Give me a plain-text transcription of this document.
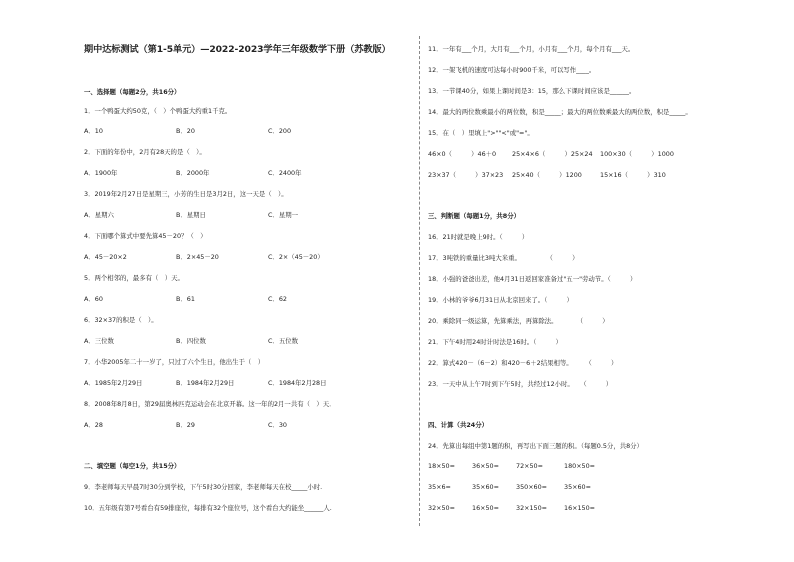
期中达标测试（第1-5单元）—2022-2023学年三年级数学下册（苏教版）
一、选择题（每题2分，共16分）
1．一个鸭蛋大约50克，（　）个鸭蛋大约重1千克。
A．10	B．20	C．200
2．下面的年份中，2月有28天的是（　）。
A．1900年	B．2000年	C．2400年
3．2019年2月27日是星期三，小芳的生日是3月2日，这一天是（　）。
A．星期六	B．星期日	C．星期一
4．下面哪个算式中要先算45－20？（　）
A．45－20×2	B．2×45－20	C．2×（45－20）
5．两个相邻的，最多有（　）天。
A．60	B．61	C．62
6．32×37的积是（　）。
A．三位数	B．四位数	C．五位数
7．小华2005年二十一岁了，只过了六个生日，他出生于（　）
A．1985年2月29日	B．1984年2月29日	C．1984年2月28日
8．2008年8月8日，第29届奥林匹克运动会在北京开幕。这一年的2月一共有（　）天．
A．28	B．29	C．30
二、填空题（每空1分，共15分）
9．李老师每天早晨7时30分到学校，下午5时30分回家，李老师每天在校_____小时.
10．五年级有第7号看台有59排座位，每排有32个座位号，这个看台大约能坐______人.
11．一年有___个月，大月有___个月，小月有___个月，每个月有___天。
12．一架飞机的速度可达每小时900千米，可以写作____。
13．一节课40分，如果上课时间是3：15，那么下课时间应该是______。
14．最大的两位数乘最小的两位数，积是_____；最大的两位数乘最大的两位数，积是_____。
15．在（　）里填上">""<"或"="。
46×0（　　　）46＋0 25×4×6（　　　）25×24 100×30（　　　）1000
23×37（　　　）37×23 25×40（　　　）1200	15×16（　　　）310
三、判断题（每题1分，共8分）
16．21时就是晚上9时。（　　　）
17．3吨铁的重量比3吨大米重。　　　　　（　　　）
18．小强的爸爸出差，他4月31日返回家准备过"五一"劳动节。（　　　）
19．小林的爷爷6月31日从北京回来了。（　　　）
20．乘除同一级运算，先算乘法，再算除法。　　　　（　　　）
21．下午4时用24时计时法是16时。（　　　）
22．算式420－（6－2）和420－6＋2结果相等。　　　（　　　）
23．一天中从上午7时到下午5时，共经过12小时。　　（　　　）
四、计算（共24分）
24．先算出每组中第1题的积，再写出下面三题的积。（每题0.5分，共8分）
18×50=	36×50=	72×50=	180×50=
35×6=	35×60=	350×60=	35×60=
32×50=	16×50=	32×150=	16×150=
